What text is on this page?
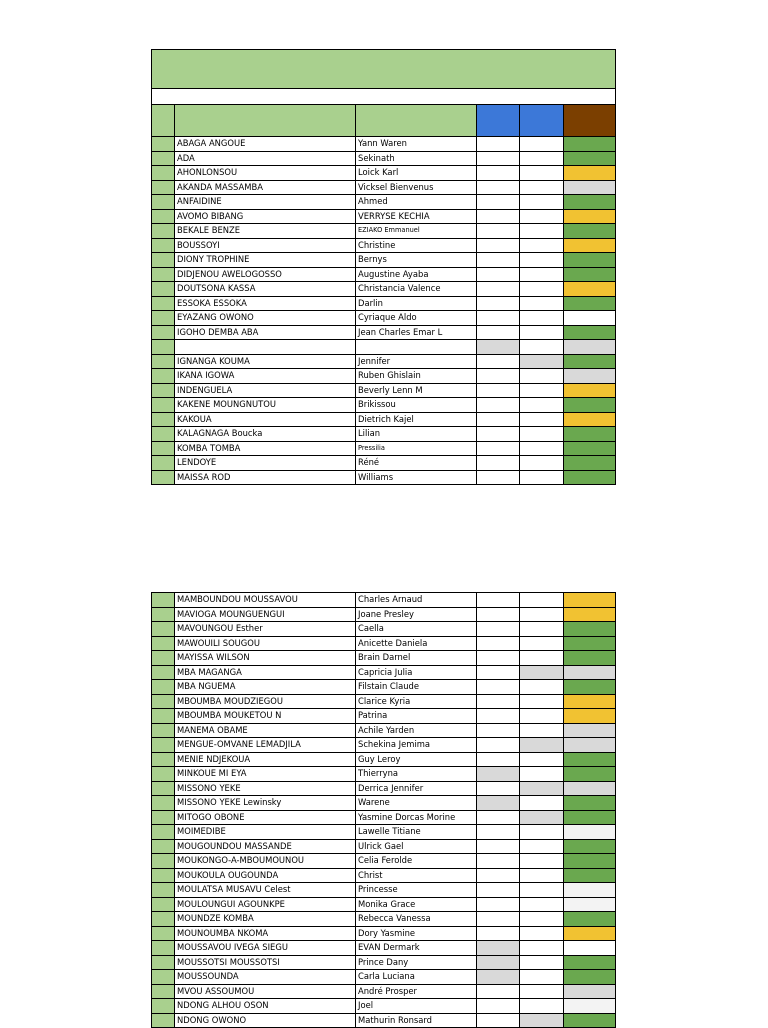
	ABAGA ANGOUE	Yann Waren			
	ADA	Sekinath			
	AHONLONSOU	Loick Karl			
	AKANDA MASSAMBA	Vicksel Bienvenus			
	ANFAIDINE	Ahmed			
	AVOMO BIBANG	VERRYSE KECHIA			
	BEKALE BENZE	EZIAKO Emmanuel			
	BOUSSOYI	Christine			
	DIONY TROPHINE	Bernys			
	DIDJENOU AWELOGOSSO	Augustine Ayaba			
	DOUTSONA KASSA	Christancia Valence			
	ESSOKA ESSOKA	Darlin			
	EYAZANG OWONO	Cyriaque Aldo			
	IGOHO DEMBA ABA	Jean Charles Emar L			

	IGNANGA KOUMA	Jennifer			
	IKANA IGOWA	Ruben Ghislain			
	INDENGUELA	Beverly Lenn M			
	KAKENE MOUNGNUTOU	Brikissou			
	KAKOUA	Dietrich Kajel			
	KALAGNAGA Boucka	Lilian			
	KOMBA TOMBA	Pressilia			
	LENDOYE	Réné			
	MAISSA ROD	Williams			
	MAMBOUNDOU MOUSSAVOU	Charles Arnaud			
	MAVIOGA MOUNGUENGUI	Joane Presley			
	MAVOUNGOU Esther	Caella			
	MAWOUILI SOUGOU	Anicette Daniela			
	MAYISSA WILSON	Brain Darnel			
	MBA MAGANGA	Capricia Julia			
	MBA NGUEMA	Filstain Claude			
	MBOUMBA MOUDZIEGOU	Clarice Kyria			
	MBOUMBA MOUKETOU N	Patrina			
	MANEMA OBAME	Achile Yarden			
	MENGUE-OMVANE LEMADJILA	Schekina Jemima			
	MENIE NDJEKOUA	Guy Leroy			
	MINKOUE MI EYA	Thierryna			
	MISSONO YEKE	Derrica Jennifer			
	MISSONO YEKE Lewinsky	Warene			
	MITOGO OBONE	Yasmine Dorcas Morine			
	MOIMEDIBE	Lawelle Titiane			
	MOUGOUNDOU MASSANDE	Ulrick Gael			
	MOUKONGO-A-MBOUMOUNOU	Celia Ferolde			
	MOUKOULA OUGOUNDA	Christ			
	MOULATSA MUSAVU Celest	Princesse			
	MOULOUNGUI AGOUNKPE	Monika Grace			
	MOUNDZE KOMBA	Rebecca Vanessa			
	MOUNOUMBA NKOMA	Dory Yasmine			
	MOUSSAVOU IVEGA SIEGU	EVAN Dermark			
	MOUSSOTSI MOUSSOTSI	Prince Dany			
	MOUSSOUNDA	Carla Luciana			
	MVOU ASSOUMOU	André Prosper			
	NDONG ALHOU OSON	Joel			
	NDONG OWONO	Mathurin Ronsard			
